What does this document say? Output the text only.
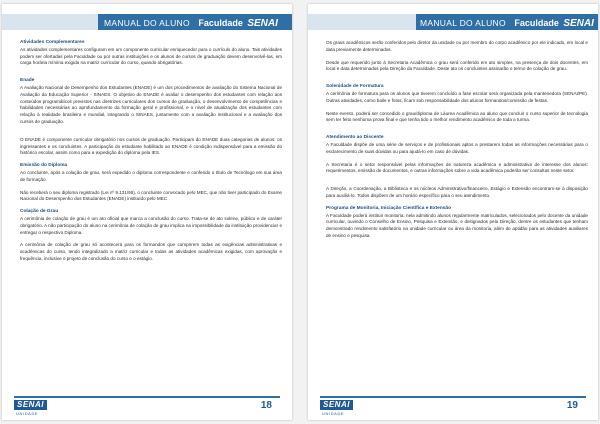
MANUAL DO ALUNO Faculdade SENAI
Atividades Complementares

As atividades complementares configuram em um componente curricular enriquecedor para o currículo do aluno. Tais atividades podem ser ofertadas pela Faculdade ou por outras instituições e os alunos de cursos de graduação devem desenvolvê-las, em carga horária mínima exigida na matriz curricular do curso, quando obrigatórias.

Enade

A Avaliação Nacional de Desempenho dos Estudantes (ENADE) é um dos procedimentos de avaliação do Sistema Nacional de Avaliação da Educação Superior - SINAES. O objetivo do ENADE é avaliar o desempenho dos estudantes com relação aos conteúdos programáticos previstos nas diretrizes curriculares dos cursos de graduação, o desenvolvimento de competências e habilidades necessárias ao aprofundamento da formação geral e profissional, e o nível de atualização dos estudantes com relação à realidade brasileira e mundial, integrando o SINAES, juntamente com a avaliação institucional e a avaliação dos cursos de graduação.

O ENADE é componente curricular obrigatório nos cursos de graduação. Participam do ENADE duas categorias de alunos: os ingressantes e os concluintes. A participação do estudante habilitado ao ENADE é condição indispensável para a emissão do histórico escolar, assim como para a expedição do diploma pela IES.

Emissão do Diploma

Ao concluinte, após a colação de grau, será expedido o diploma correspondente e conferido o título de Tecnólogo em sua área de formação.

Não receberá o seu diploma registrado (Lei nº 9.131/95), o concluinte convocado pelo MEC, que não tiver participado do Exame Nacional do Desempenho dos Estudantes (ENADE) instituído pelo MEC

Colação de Grau

A cerimônia de colação de grau é um ato oficial que marca a conclusão do curso. Trata-se de ato solene, público e de caráter obrigatório. A não participação do aluno na cerimônia de colação de grau implica na impossibilidade da instituição providenciar e entregar o respectivo Diploma.

A cerimônia de colação de grau só acontecerá para os formandos que cumprirem todas as exigências administrativas e acadêmicas do curso, tendo integralizado a matriz curricular e todas as atividades acadêmicas exigidas, com aprovação e frequência, inclusive o projeto de conclusão do curso e o estágio.

SENAI
UNIDADE
18
MANUAL DO ALUNO Faculdade SENAI

Os graus acadêmicos serão conferidos pelo diretor da unidade ou por membro do corpo acadêmico por ele indicado, em local e data previamente determinados.

Desde que requerido junto à Secretaria Acadêmica o grau será conferido em ato simples, na presença de dois docentes, em local e data determinados pela Direção da Faculdade. Deste ato os concluintes assinarão o termo de colação de grau.

Solenidade de Formatura

A cerimônia de formatura para os alunos que tiverem concluído a fase escolar será organizada pela mantenedora (SENAI/PE). Outras atividades, como baile e fotos, ficam sob responsabilidade dos alunos formandos/comissão de festas.

Neste evento, poderá ser concedido o grau/diploma de Láurea Acadêmica ao aluno que concluir o curso superior de tecnologia sem ter feito nenhuma prova final e que tenha tido o melhor rendimento acadêmico de toda a turma.

Atendimento ao Discente

A Faculdade dispõe de uma série de serviços e de profissionais aptos a prestarem todas as informações necessárias para o esclarecimento de suas dúvidas ou para ajudá-lo em caso de dúvidas.

A Secretaria é o setor responsável pelas informações de natureza acadêmica e administrativa de interesse dos alunos: requerimentos, emissão de documentos, e outras informações sobre a vida acadêmica poderão ser consultas neste setor.

A Direção, a Coordenação, a Biblioteca e os núcleos Administrativo/financeiro, Estágio e Extensão encontram-se à disposição para auxiliá-lo. Todos dispõem de um horário específico para o seu atendimento.

Programa de Monitoria, Iniciação Científica e Extensão

A Faculdade poderá instituir monitoria, nela admitindo alunos regularmente matriculados, selecionados pelo docente da unidade curricular, ouvindo o Conselho de Ensino, Pesquisa e Extensão, e designados pela Direção, dentre os estudantes que tenham demonstrado rendimento satisfatório na unidade curricular ou área da monitoria, além de aptidão para as atividades auxiliares de ensino e pesquisa.

SENAI
UNIDADE
19
